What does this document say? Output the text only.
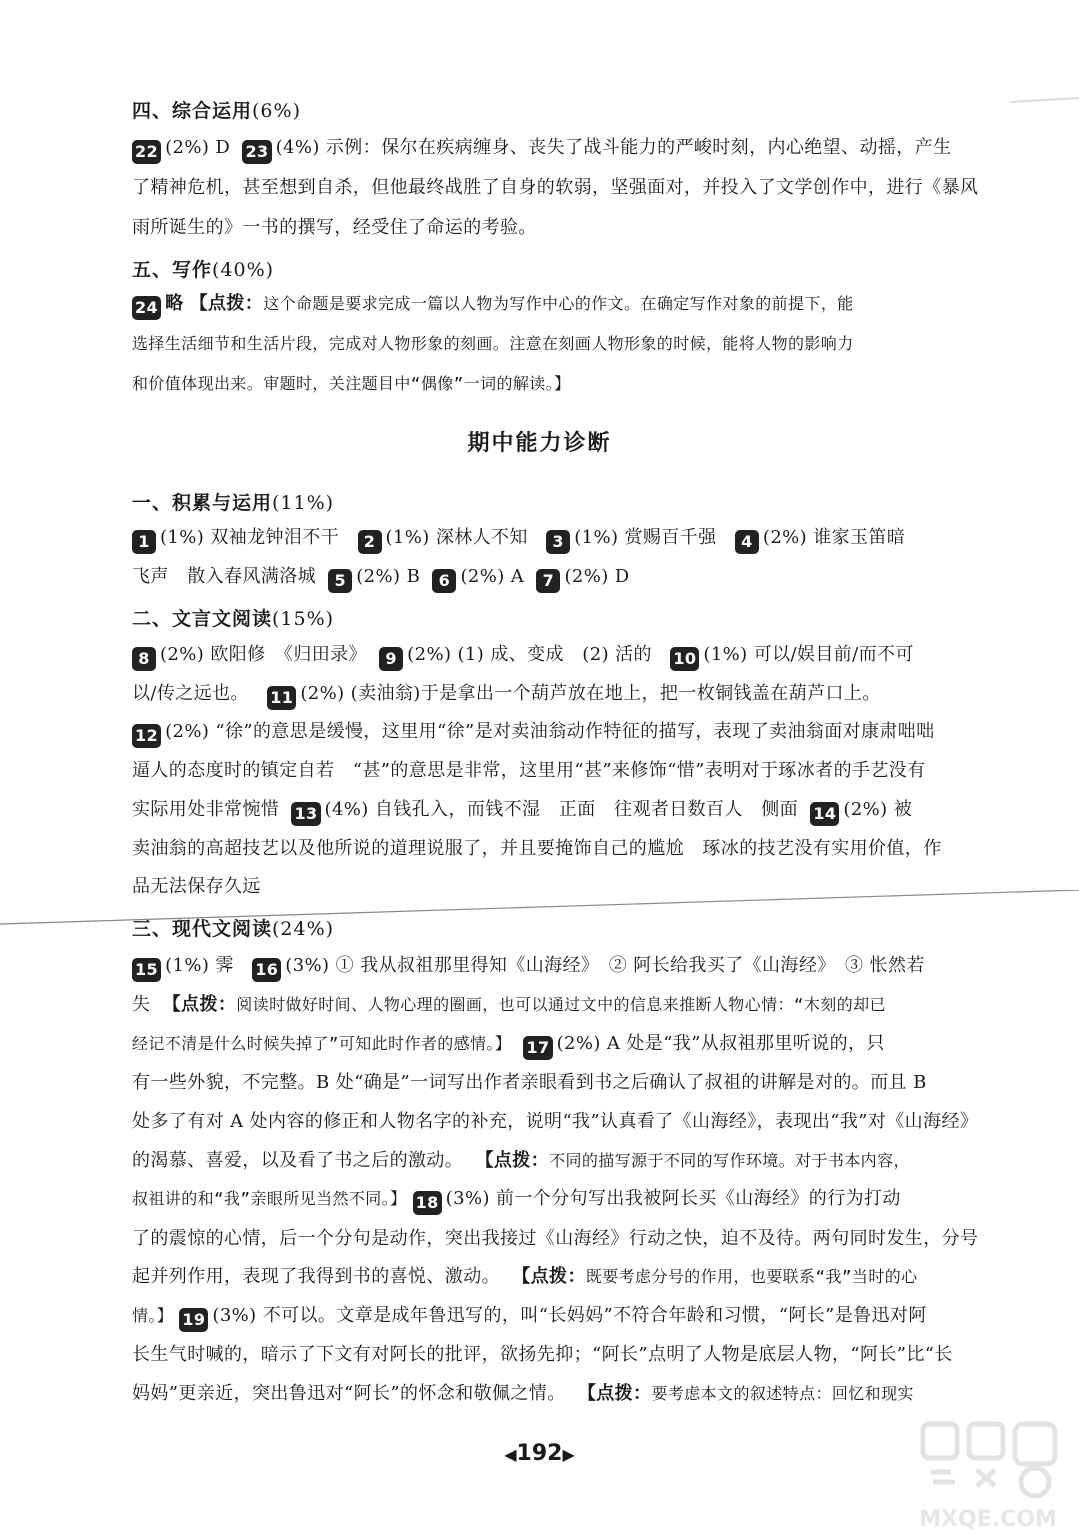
四、综合运用(6%)
22 (2%) D 23 (4%) 示例：保尔在疾病缠身、丧失了战斗能力的严峻时刻，内心绝望、动摇，产生
了精神危机，甚至想到自杀，但他最终战胜了自身的软弱，坚强面对，并投入了文学创作中，进行《暴风
雨所诞生的》一书的撰写，经受住了命运的考验。
五、写作(40%)
24 略 【点拨：这个命题是要求完成一篇以人物为写作中心的作文。在确定写作对象的前提下，能
选择生活细节和生活片段，完成对人物形象的刻画。注意在刻画人物形象的时候，能将人物的影响力
和价值体现出来。审题时，关注题目中“偶像”一词的解读。】
期中能力诊断
一、积累与运用(11%)
1 (1%) 双袖龙钟泪不干 2 (1%) 深林人不知 3 (1%) 赏赐百千强 4 (2%) 谁家玉笛暗
飞声　散入春风满洛城 5 (2%) B 6 (2%) A 7 (2%) D
二、文言文阅读(15%)
8 (2%) 欧阳修　《归田录》 9 (2%) (1) 成、变成　(2) 活的 10 (1%) 可以/娱目前/而不可
以/传之远也。 11 (2%) (卖油翁)于是拿出一个葫芦放在地上，把一枚铜钱盖在葫芦口上。
12 (2%) “徐”的意思是缓慢，这里用“徐”是对卖油翁动作特征的描写，表现了卖油翁面对康肃咄咄
逼人的态度时的镇定自若　“甚”的意思是非常，这里用“甚”来修饰“惜”表明对于琢冰者的手艺没有
实际用处非常惋惜 13 (4%) 自钱孔入，而钱不湿　正面　往观者日数百人　侧面 14 (2%) 被
卖油翁的高超技艺以及他所说的道理说服了，并且要掩饰自己的尴尬　琢冰的技艺没有实用价值，作
品无法保存久远
三、现代文阅读(24%)
15 (1%) 霁 16 (3%) ① 我从叔祖那里得知《山海经》　② 阿长给我买了《山海经》　③ 怅然若
失 【点拨：阅读时做好时间、人物心理的圈画，也可以通过文中的信息来推断人物心情：“木刻的却已
经记不清是什么时候失掉了”可知此时作者的感情。】 17 (2%) A 处是“我”从叔祖那里听说的，只
有一些外貌，不完整。B 处“确是”一词写出作者亲眼看到书之后确认了叔祖的讲解是对的。而且 B
处多了有对 A 处内容的修正和人物名字的补充，说明“我”认真看了《山海经》，表现出“我”对《山海经》
的渴慕、喜爱，以及看了书之后的激动。 【点拨：不同的描写源于不同的写作环境。对于书本内容，
叔祖讲的和“我”亲眼所见当然不同。】 18 (3%) 前一个分句写出我被阿长买《山海经》的行为打动
了的震惊的心情，后一个分句是动作，突出我接过《山海经》行动之快，迫不及待。两句同时发生，分号
起并列作用，表现了我得到书的喜悦、激动。 【点拨：既要考虑分号的作用，也要联系“我”当时的心
情。】 19 (3%) 不可以。文章是成年鲁迅写的，叫“长妈妈”不符合年龄和习惯，“阿长”是鲁迅对阿
长生气时喊的，暗示了下文有对阿长的批评，欲扬先抑；“阿长”点明了人物是底层人物，“阿长”比“长
妈妈”更亲近，突出鲁迅对“阿长”的怀念和敬佩之情。 【点拨：要考虑本文的叙述特点：回忆和现实
◀192▶
MXQE.COM
